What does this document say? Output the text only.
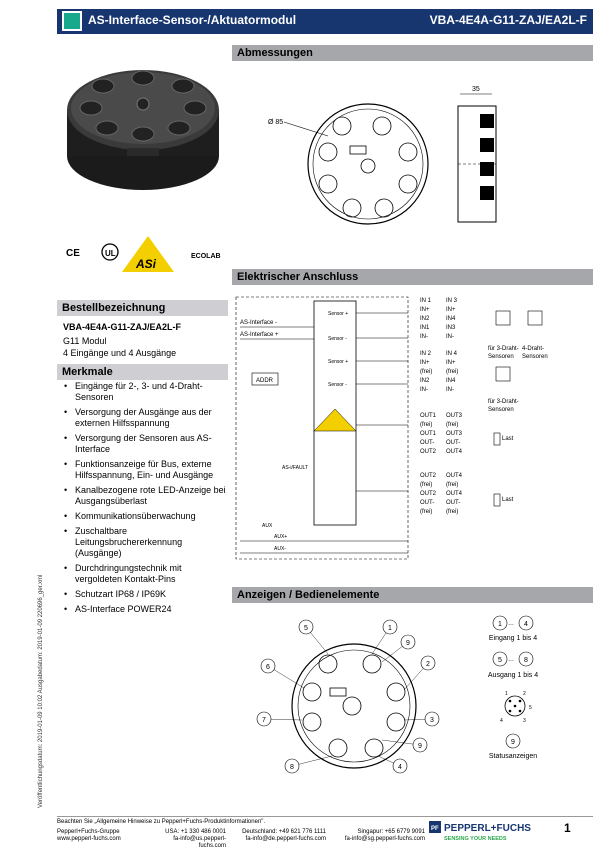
AS-Interface-Sensor-/Aktuatormodul	VBA-4E4A-G11-ZAJ/EA2L-F
CE	UL
ASi
ECOLAB
Bestellbezeichnung
VBA-4E4A-G11-ZAJ/EA2L-F
G11 Modul
4 Eingänge und 4 Ausgänge
Merkmale
• Eingänge für 2-, 3- und 4-Draht-Sensoren
• Versorgung der Ausgänge aus der externen Hilfsspannung
• Versorgung der Sensoren aus AS-Interface
• Funktionsanzeige für Bus, externe Hilfsspannung, Ein- und Ausgänge
• Kanalbezogene rote LED-Anzeige bei Ausgangsüberlast
• Kommunikationsüberwachung
• Zuschaltbare Leitungsbruchererkennung (Ausgänge)
• Durchdringungstechnik mit vergoldeten Kontakt-Pins
• Schutzart IP68 / IP69K
• AS-Interface POWER24
Veröffentlichungsdatum: 2019-01-09 10:02 Ausgabedatum: 2019-01-09 220696_ger.xml
Abmessungen
Ø 85
35
Elektrischer Anschluss
AS-Interface -
AS-Interface +
ADDR
Sensor +
Sensor -
Sensor +
Sensor -
AS-i/FAULT
AUX
AUX+
AUX-
IN 1
IN+
IN2
IN1
IN-
IN 3
IN+
IN4
IN3
IN-
IN 2
IN+
(frei)
IN2
IN-
IN 4
IN+
(frei)
IN4
IN-
OUT1
(frei)
OUT1
OUT-
OUT2
OUT3
(frei)
OUT3
OUT-
OUT4
OUT2
(frei)
OUT2
OUT-
(frei)
OUT4
(frei)
OUT4
OUT-
(frei)
für 3-Draht-
Sensoren
4-Draht-
Sensoren
für 3-Draht-
Sensoren
Last
Last
Anzeigen / Bedienelemente
5	1
9
6	2
7	3
9
8	4
1	4
5	8
9
Eingang 1 bis 4
Ausgang 1 bis 4
Statusanzeigen
…
…
1	2
3
4
5
Beachten Sie „Allgemeine Hinweise zu Pepperl+Fuchs-Produktinformationen".
Pepperl+Fuchs-Gruppe
www.pepperl-fuchs.com
USA: +1 330 486 0001
fa-info@us.pepperl-fuchs.com
Deutschland: +49 621 776 1111
fa-info@de.pepperl-fuchs.com
Singapur: +65 6779 9091
fa-info@sg.pepperl-fuchs.com
PF PEPPERL+FUCHS
SENSING YOUR NEEDS
1
